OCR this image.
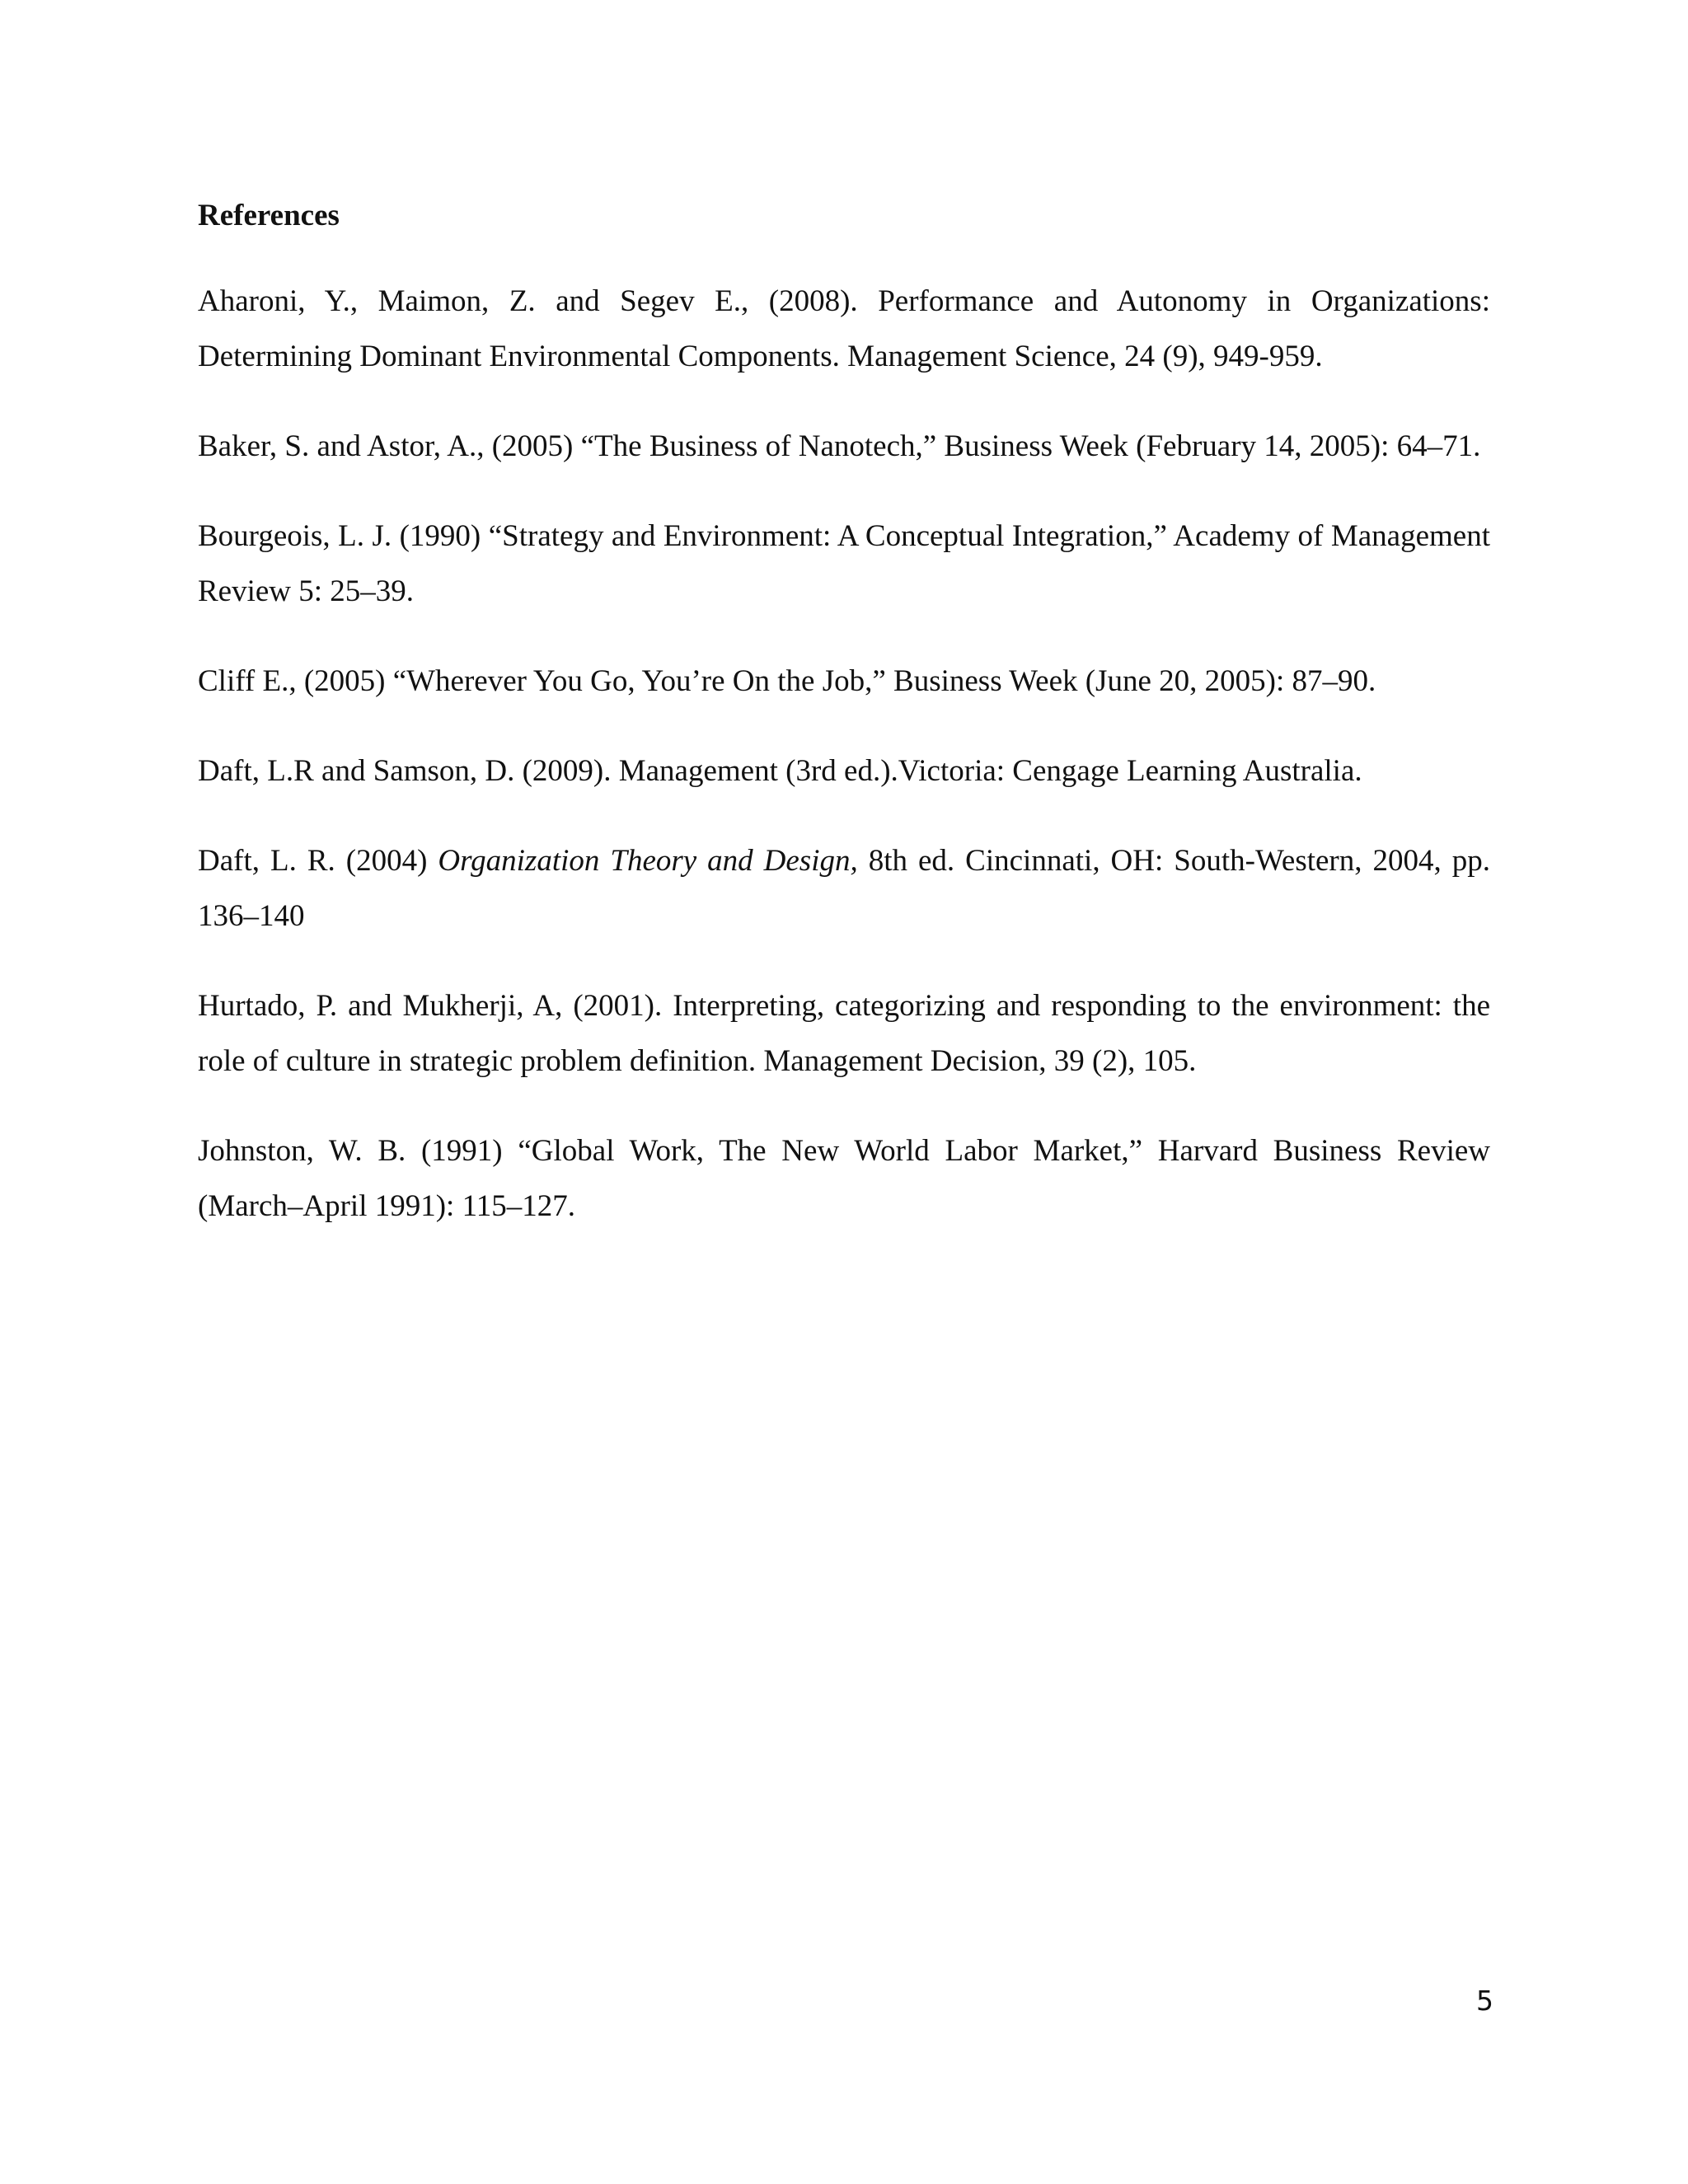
References

Aharoni, Y., Maimon, Z. and Segev E., (2008). Performance and Autonomy in Organizations: Determining Dominant Environmental Components. Management Science, 24 (9), 949-959.

Baker, S. and Astor, A., (2005) “The Business of Nanotech,” Business Week (February 14, 2005): 64–71.

Bourgeois, L. J. (1990) “Strategy and Environment: A Conceptual Integration,” Academy of Management Review 5: 25–39.

Cliff E., (2005) “Wherever You Go, You’re On the Job,” Business Week (June 20, 2005): 87–90.

Daft, L.R and Samson, D. (2009). Management (3rd ed.).Victoria: Cengage Learning Australia.

Daft, L. R. (2004) Organization Theory and Design, 8th ed. Cincinnati, OH: South-Western, 2004, pp. 136–140

Hurtado, P. and Mukherji, A, (2001). Interpreting, categorizing and responding to the environment: the role of culture in strategic problem definition. Management Decision, 39 (2), 105.

Johnston, W. B. (1991) “Global Work, The New World Labor Market,” Harvard Business Review (March–April 1991): 115–127.

5
